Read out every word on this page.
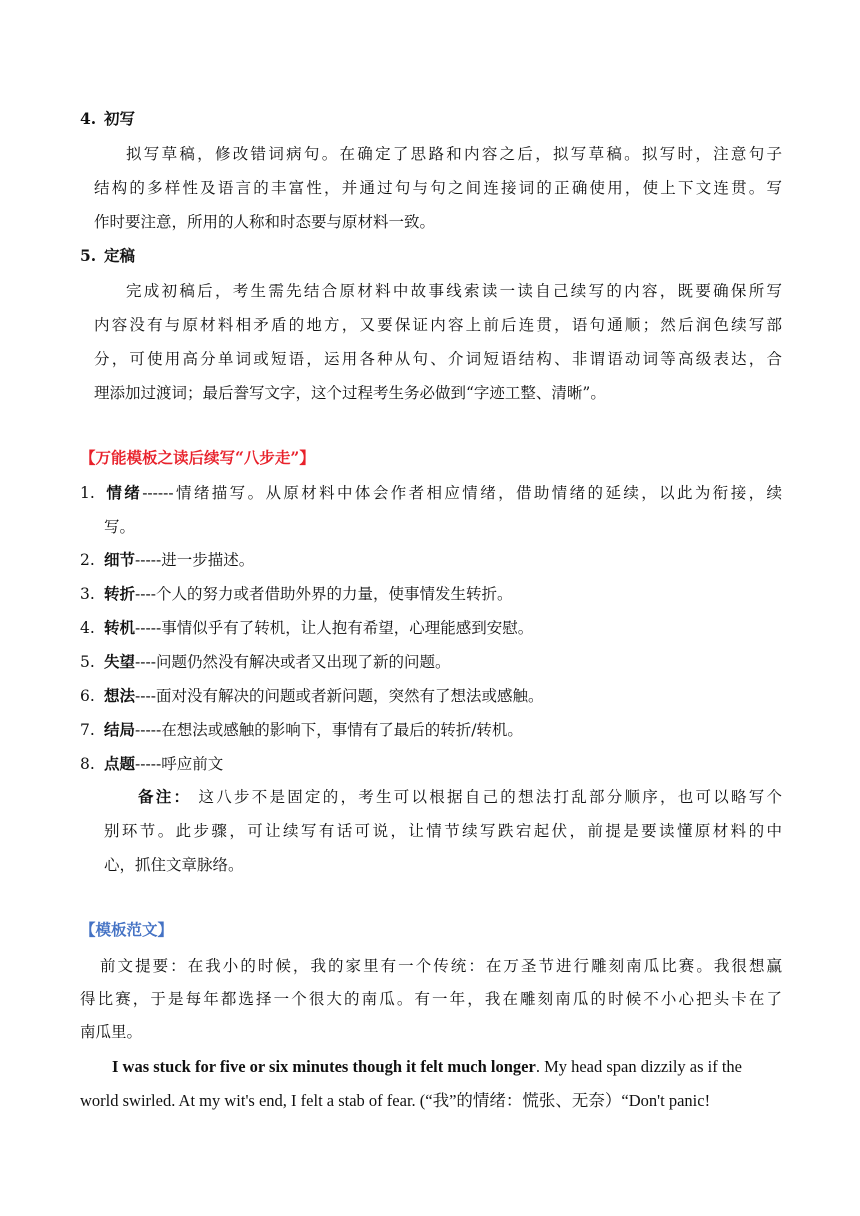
4. 初写
拟写草稿，修改错词病句。在确定了思路和内容之后，拟写草稿。拟写时，注意句子
结构的多样性及语言的丰富性，并通过句与句之间连接词的正确使用，使上下文连贯。写
作时要注意，所用的人称和时态要与原材料一致。
5. 定稿
完成初稿后，考生需先结合原材料中故事线索读一读自己续写的内容，既要确保所写
内容没有与原材料相矛盾的地方，又要保证内容上前后连贯，语句通顺；然后润色续写部
分，可使用高分单词或短语，运用各种从句、介词短语结构、非谓语动词等高级表达，合
理添加过渡词；最后誊写文字，这个过程考生务必做到“字迹工整、清晰”。
【万能模板之读后续写“八步走”】
1. 情绪------情绪描写。从原材料中体会作者相应情绪，借助情绪的延续，以此为衔接，续
写。
2. 细节-----进一步描述。
3. 转折----个人的努力或者借助外界的力量，使事情发生转折。
4. 转机-----事情似乎有了转机，让人抱有希望，心理能感到安慰。
5. 失望----问题仍然没有解决或者又出现了新的问题。
6. 想法----面对没有解决的问题或者新问题，突然有了想法或感触。
7. 结局-----在想法或感触的影响下，事情有了最后的转折/转机。
8. 点题-----呼应前文
备注： 这八步不是固定的，考生可以根据自己的想法打乱部分顺序，也可以略写个
别环节。此步骤，可让续写有话可说，让情节续写跌宕起伏，前提是要读懂原材料的中
心，抓住文章脉络。
【模板范文】
前文提要：在我小的时候，我的家里有一个传统：在万圣节进行雕刻南瓜比赛。我很想赢
得比赛，于是每年都选择一个很大的南瓜。有一年，我在雕刻南瓜的时候不小心把头卡在了
南瓜里。
I was stuck for five or six minutes though it felt much longer. My head span dizzily as if the
world swirled. At my wit's end, I felt a stab of fear. (“我”的情绪：慌张、无奈）“Don't panic!
